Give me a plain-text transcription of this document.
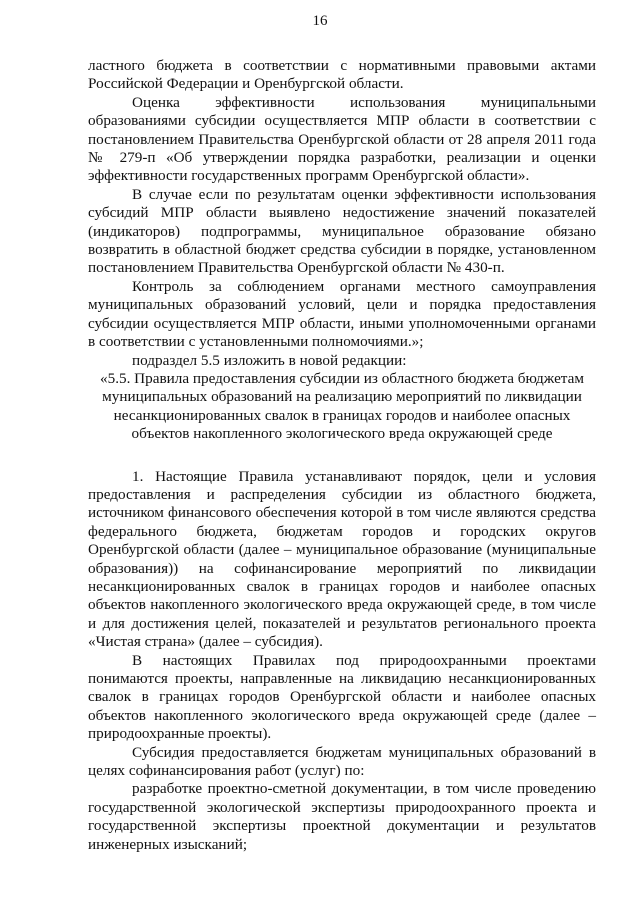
16

ластного бюджета в соответствии с нормативными правовыми актами Российской Федерации и Оренбургской области.

Оценка эффективности использования муниципальными образованиями субсидии осуществляется МПР области в соответствии с постановлением Правительства Оренбургской области от 28 апреля 2011 года № 279-п «Об утверждении порядка разработки, реализации и оценки эффективности государственных программ Оренбургской области».

В случае если по результатам оценки эффективности использования субсидий МПР области выявлено недостижение значений показателей (индикаторов) подпрограммы, муниципальное образование обязано возвратить в областной бюджет средства субсидии в порядке, установленном постановлением Правительства Оренбургской области № 430-п.

Контроль за соблюдением органами местного самоуправления муниципальных образований условий, цели и порядка предоставления субсидии осуществляется МПР области, иными уполномоченными органами в соответствии с установленными полномочиями.»;

подраздел 5.5 изложить в новой редакции:

«5.5. Правила предоставления субсидии из областного бюджета бюджетам муниципальных образований на реализацию мероприятий по ликвидации несанкционированных свалок в границах городов и наиболее опасных объектов накопленного экологического вреда окружающей среде

1. Настоящие Правила устанавливают порядок, цели и условия предоставления и распределения субсидии из областного бюджета, источником финансового обеспечения которой в том числе являются средства федерального бюджета, бюджетам городов и городских округов Оренбургской области (далее – муниципальное образование (муниципальные образования)) на софинансирование мероприятий по ликвидации несанкционированных свалок в границах городов и наиболее опасных объектов накопленного экологического вреда окружающей среде, в том числе и для достижения целей, показателей и результатов регионального проекта «Чистая страна» (далее – субсидия).

В настоящих Правилах под природоохранными проектами понимаются проекты, направленные на ликвидацию несанкционированных свалок в границах городов Оренбургской области и наиболее опасных объектов накопленного экологического вреда окружающей среде (далее – природоохранные проекты).

Субсидия предоставляется бюджетам муниципальных образований в целях софинансирования работ (услуг) по:

разработке проектно-сметной документации, в том числе проведению государственной экологической экспертизы природоохранного проекта и государственной экспертизы проектной документации и результатов инженерных изысканий;
